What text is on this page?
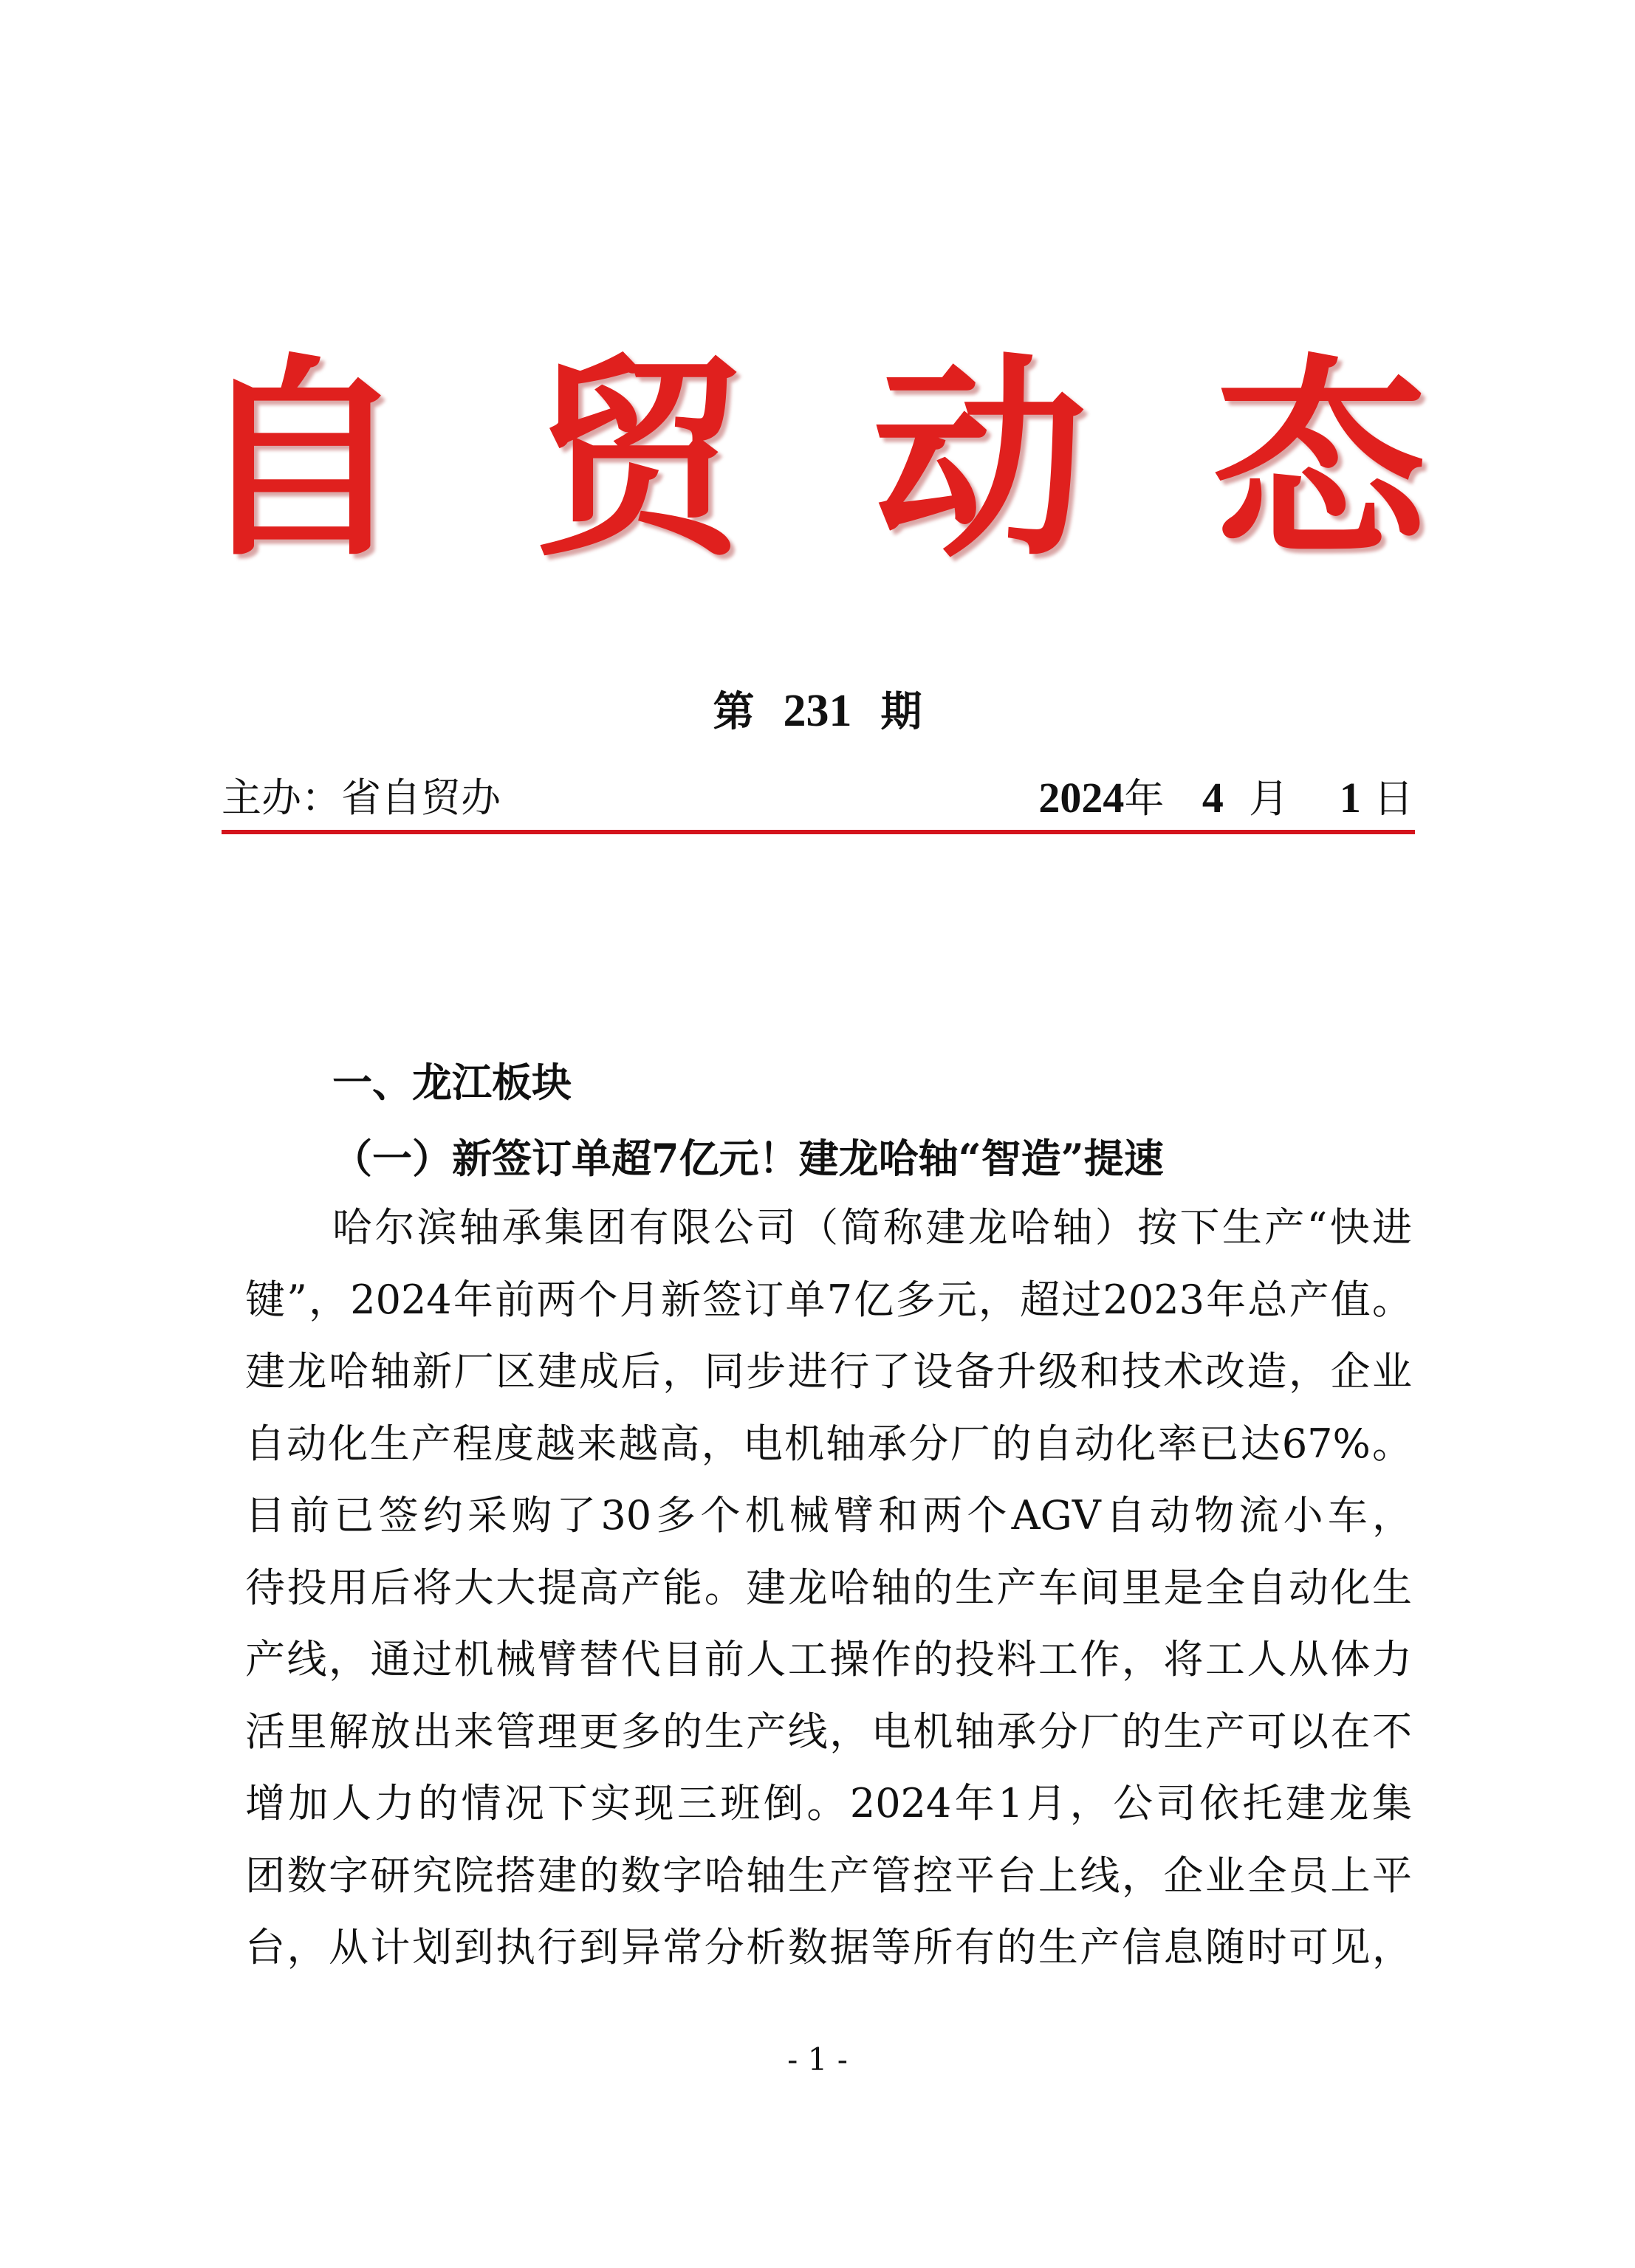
自贸动态
第 231 期
主办：省自贸办	2024年 4 月 1 日
一、龙江板块
（一）新签订单超7亿元！建龙哈轴“智造”提速
哈尔滨轴承集团有限公司（简称建龙哈轴）按下生产“快进
键”，2024年前两个月新签订单7亿多元，超过2023年总产值。
建龙哈轴新厂区建成后，同步进行了设备升级和技术改造，企业
自动化生产程度越来越高，电机轴承分厂的自动化率已达67%。
目前已签约采购了30多个机械臂和两个AGV自动物流小车，
待投用后将大大提高产能。建龙哈轴的生产车间里是全自动化生
产线，通过机械臂替代目前人工操作的投料工作，将工人从体力
活里解放出来管理更多的生产线，电机轴承分厂的生产可以在不
增加人力的情况下实现三班倒。2024年1月，公司依托建龙集
团数字研究院搭建的数字哈轴生产管控平台上线，企业全员上平
台，从计划到执行到异常分析数据等所有的生产信息随时可见，
- 1 -
